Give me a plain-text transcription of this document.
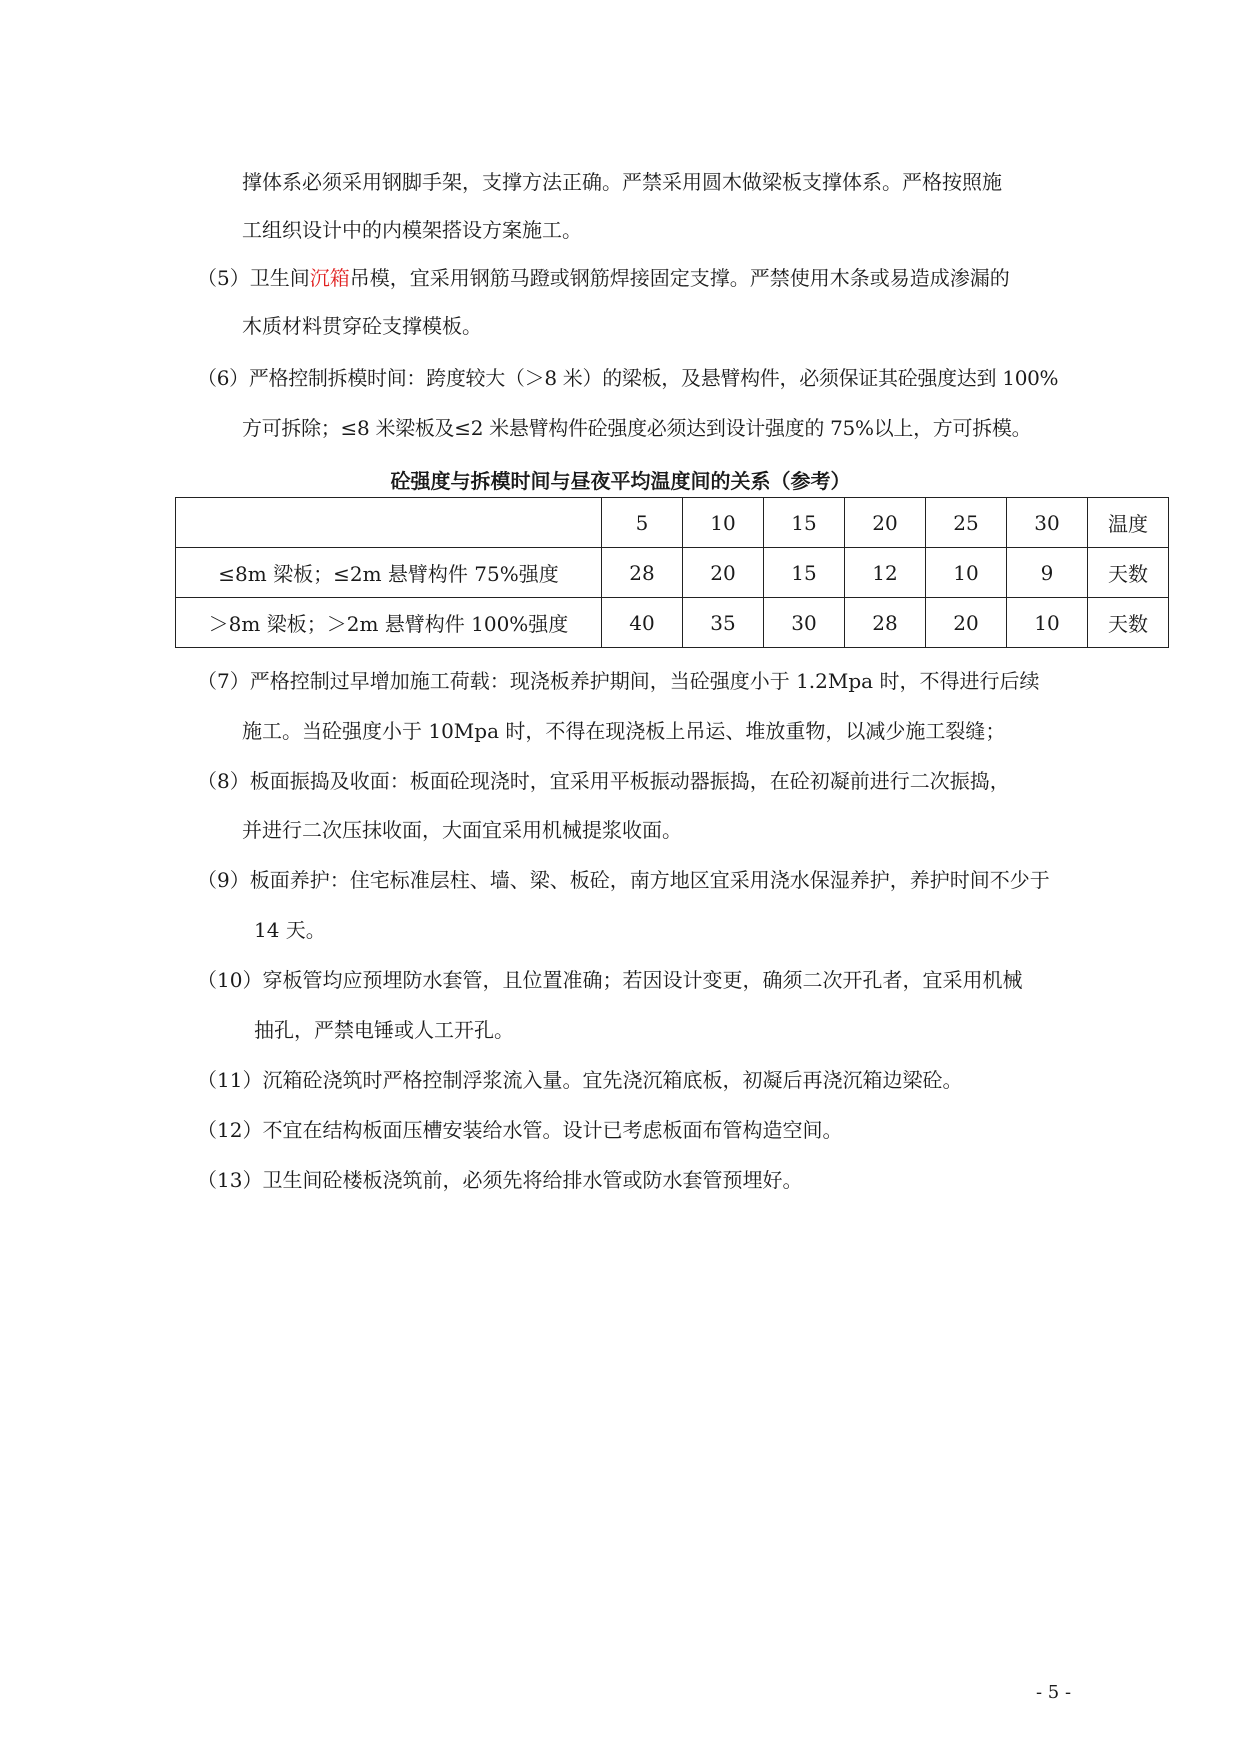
撑体系必须采用钢脚手架，支撑方法正确。严禁采用圆木做梁板支撑体系。严格按照施
工组织设计中的内模架搭设方案施工。
（5）卫生间沉箱吊模，宜采用钢筋马蹬或钢筋焊接固定支撑。严禁使用木条或易造成渗漏的
木质材料贯穿砼支撑模板。
（6）严格控制拆模时间：跨度较大（＞8 米）的梁板，及悬臂构件，必须保证其砼强度达到 100%
方可拆除；≤8 米梁板及≤2 米悬臂构件砼强度必须达到设计强度的 75%以上，方可拆模。
砼强度与拆模时间与昼夜平均温度间的关系（参考）
	5	10	15	20	25	30	温度
≤8m 梁板；≤2m 悬臂构件 75%强度	28	20	15	12	10	9	天数
＞8m 梁板；＞2m 悬臂构件 100%强度	40	35	30	28	20	10	天数
（7）严格控制过早增加施工荷载：现浇板养护期间，当砼强度小于 1.2Mpa 时，不得进行后续
施工。当砼强度小于 10Mpa 时，不得在现浇板上吊运、堆放重物，以减少施工裂缝；
（8）板面振捣及收面：板面砼现浇时，宜采用平板振动器振捣，在砼初凝前进行二次振捣，
并进行二次压抹收面，大面宜采用机械提浆收面。
（9）板面养护：住宅标准层柱、墙、梁、板砼，南方地区宜采用浇水保湿养护，养护时间不少于
14 天。
（10）穿板管均应预埋防水套管，且位置准确；若因设计变更，确须二次开孔者，宜采用机械
抽孔，严禁电锤或人工开孔。
（11）沉箱砼浇筑时严格控制浮浆流入量。宜先浇沉箱底板，初凝后再浇沉箱边梁砼。
（12）不宜在结构板面压槽安装给水管。设计已考虑板面布管构造空间。
（13）卫生间砼楼板浇筑前，必须先将给排水管或防水套管预埋好。
- 5 -
